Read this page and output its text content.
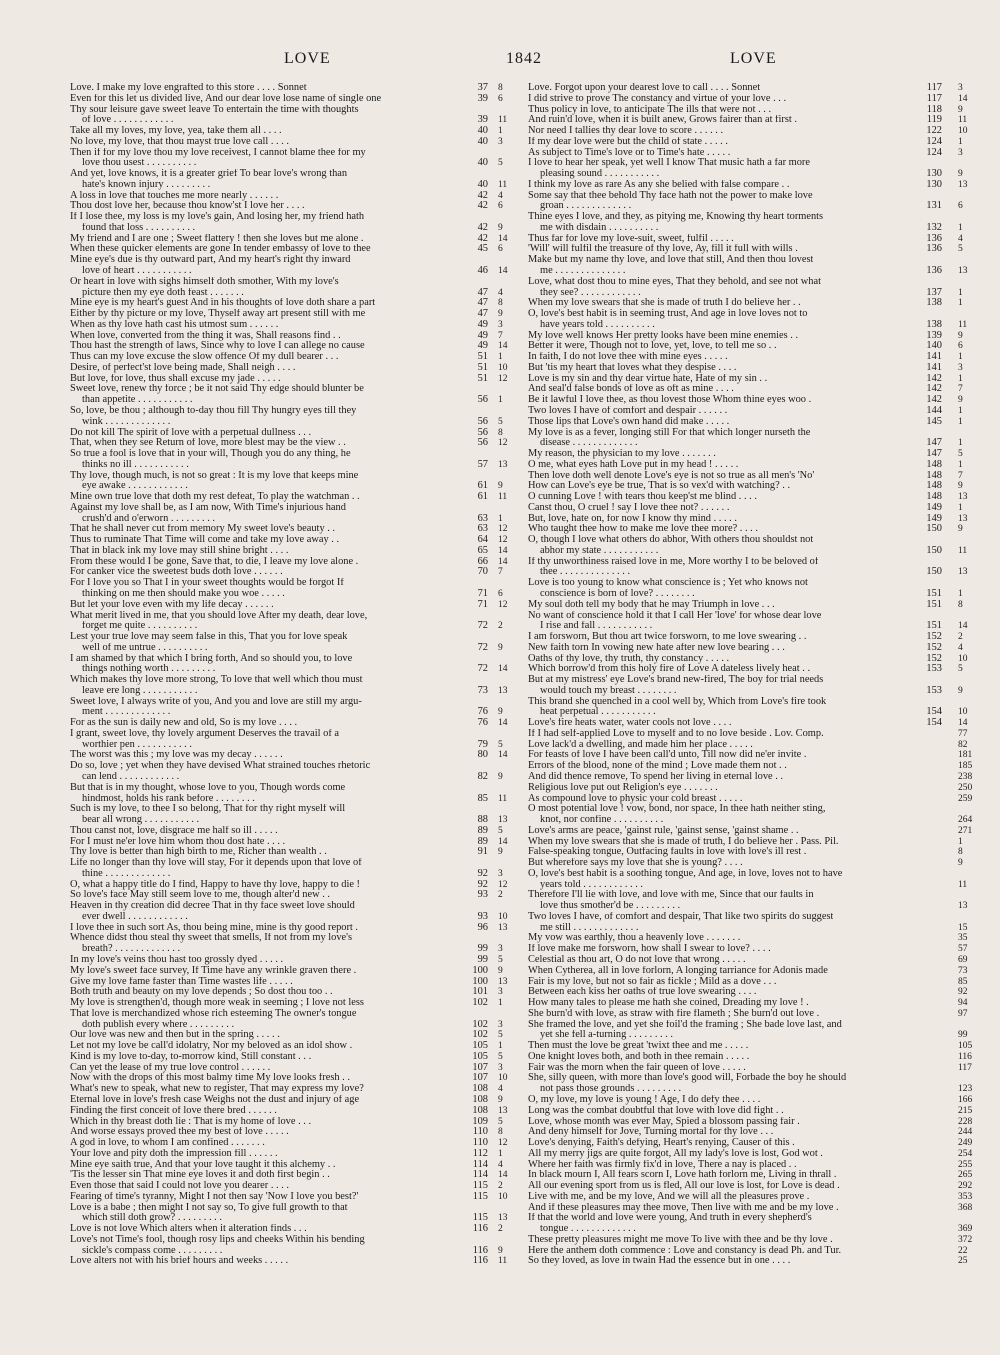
LOVE	1842	LOVE
Love. I make my love engrafted to this store . . . . Sonnet	37 8
Even for this let us divided live, And our dear love lose name of single one	39 6
Thy sour leisure gave sweet leave To entertain the time with thoughts
of love . . . . . . . . . . . .	39 11
Take all my loves, my love, yea, take them all . . . .	40 1
No love, my love, that thou mayst true love call . . . .	40 3
Then if for my love thou my love receivest, I cannot blame thee for my
love thou usest . . . . . . . . . .	40 5
And yet, love knows, it is a greater grief To bear love's wrong than
hate's known injury . . . . . . . . .	40 11
A loss in love that touches me more nearly . . . . . .	42 4
Thou dost love her, because thou know'st I love her . . . .	42 6
If I lose thee, my loss is my love's gain, And losing her, my friend hath
found that loss . . . . . . . . . .	42 9
My friend and I are one ; Sweet flattery ! then she loves but me alone .	42 14
When these quicker elements are gone In tender embassy of love to thee	45 6
Mine eye's due is thy outward part, And my heart's right thy inward
love of heart . . . . . . . . . . .	46 14
Or heart in love with sighs himself doth smother, With my love's
picture then my eye doth feast . . . . . . .	47 4
Mine eye is my heart's guest And in his thoughts of love doth share a part	47 8
Either by thy picture or my love, Thyself away art present still with me	47 9
When as thy love hath cast his utmost sum . . . . . .	49 3
When love, converted from the thing it was, Shall reasons find . .	49 7
Thou hast the strength of laws, Since why to love I can allege no cause	49 14
Thus can my love excuse the slow offence Of my dull bearer . . .	51 1
Desire, of perfect'st love being made, Shall neigh . . . .	51 10
But love, for love, thus shall excuse my jade . . . . .	51 12
Sweet love, renew thy force ; be it not said Thy edge should blunter be
than appetite . . . . . . . . . . .	56 1
So, love, be thou ; although to-day thou fill Thy hungry eyes till they
wink . . . . . . . . . . . . .	56 5
Do not kill The spirit of love with a perpetual dullness . . .	56 8
That, when they see Return of love, more blest may be the view . .	56 12
So true a fool is love that in your will, Though you do any thing, he
thinks no ill . . . . . . . . . . .	57 13
Thy love, though much, is not so great : It is my love that keeps mine
eye awake . . . . . . . . . . . .	61 9
Mine own true love that doth my rest defeat, To play the watchman . .	61 11
Against my love shall be, as I am now, With Time's injurious hand
crush'd and o'erworn . . . . . . . . .	63 1
That he shall never cut from memory My sweet love's beauty . .	63 12
Thus to ruminate That Time will come and take my love away . .	64 12
That in black ink my love may still shine bright . . . .	65 14
From these would I be gone, Save that, to die, I leave my love alone .	66 14
For canker vice the sweetest buds doth love . . . . . .	70 7
For I love you so That I in your sweet thoughts would be forgot If
thinking on me then should make you woe . . . . .	71 6
But let your love even with my life decay . . . . . .	71 12
What merit lived in me, that you should love After my death, dear love,
forget me quite . . . . . . . . . .	72 2
Lest your true love may seem false in this, That you for love speak
well of me untrue . . . . . . . . . .	72 9
I am shamed by that which I bring forth, And so should you, to love
things nothing worth . . . . . . . . .	72 14
Which makes thy love more strong, To love that well which thou must
leave ere long . . . . . . . . . . .	73 13
Sweet love, I always write of you, And you and love are still my argu-
ment . . . . . . . . . . . . .	76 9
For as the sun is daily new and old, So is my love . . . .	76 14
I grant, sweet love, thy lovely argument Deserves the travail of a
worthier pen . . . . . . . . . . .	79 5
The worst was this ; my love was my decay . . . . . .	80 14
Do so, love ; yet when they have devised What strained touches rhetoric
can lend . . . . . . . . . . . .	82 9
But that is in my thought, whose love to you, Though words come
hindmost, holds his rank before . . . . . . . .	85 11
Such is my love, to thee I so belong, That for thy right myself will
bear all wrong . . . . . . . . . . .	88 13
Thou canst not, love, disgrace me half so ill . . . . .	89 5
For I must ne'er love him whom thou dost hate . . . .	89 14
Thy love is better than high birth to me, Richer than wealth . .	91 9
Life no longer than thy love will stay, For it depends upon that love of
thine . . . . . . . . . . . . .	92 3
O, what a happy title do I find, Happy to have thy love, happy to die !	92 12
So love's face May still seem love to me, though alter'd new . .	93 2
Heaven in thy creation did decree That in thy face sweet love should
ever dwell . . . . . . . . . . . .	93 10
I love thee in such sort As, thou being mine, mine is thy good report .	96 13
Whence didst thou steal thy sweet that smells, If not from my love's
breath? . . . . . . . . . . . . .	99 3
In my love's veins thou hast too grossly dyed . . . . .	99 5
My love's sweet face survey, If Time have any wrinkle graven there .	100 9
Give my love fame faster than Time wastes life . . . . .	100 13
Both truth and beauty on my love depends ; So dost thou too . .	101 3
My love is strengthen'd, though more weak in seeming ; I love not less	102 1
That love is merchandized whose rich esteeming The owner's tongue
doth publish every where . . . . . . . . .	102 3
Our love was new and then but in the spring . . . . .	102 5
Let not my love be call'd idolatry, Nor my beloved as an idol show .	105 1
Kind is my love to-day, to-morrow kind, Still constant . . .	105 5
Can yet the lease of my true love control . . . . . .	107 3
Now with the drops of this most balmy time My love looks fresh . .	107 10
What's new to speak, what new to register, That may express my love?	108 4
Eternal love in love's fresh case Weighs not the dust and injury of age	108 9
Finding the first conceit of love there bred . . . . . .	108 13
Which in thy breast doth lie : That is my home of love . . .	109 5
And worse essays proved thee my best of love . . . . .	110 8
A god in love, to whom I am confined . . . . . . .	110 12
Your love and pity doth the impression fill . . . . . .	112 1
Mine eye saith true, And that your love taught it this alchemy . .	114 4
'Tis the lesser sin That mine eye loves it and doth first begin . .	114 14
Even those that said I could not love you dearer . . . .	115 2
Fearing of time's tyranny, Might I not then say 'Now I love you best?'	115 10
Love is a babe ; then might I not say so, To give full growth to that
which still doth grow? . . . . . . . . .	115 13
Love is not love Which alters when it alteration finds . . .	116 2
Love's not Time's fool, though rosy lips and cheeks Within his bending
sickle's compass come . . . . . . . . .	116 9
Love alters not with his brief hours and weeks . . . . .	116 11
Love. Forgot upon your dearest love to call . . . . Sonnet	117 3
I did strive to prove The constancy and virtue of your love . . .	117 14
Thus policy in love, to anticipate The ills that were not . . .	118 9
And ruin'd love, when it is built anew, Grows fairer than at first .	119 11
Nor need I tallies thy dear love to score . . . . . .	122 10
If my dear love were but the child of state . . . . .	124 1
As subject to Time's love or to Time's hate . . . . .	124 3
I love to hear her speak, yet well I know That music hath a far more
pleasing sound . . . . . . . . . . .	130 9
I think my love as rare As any she belied with false compare . .	130 13
Some say that thee behold Thy face hath not the power to make love
groan . . . . . . . . . . . . .	131 6
Thine eyes I love, and they, as pitying me, Knowing thy heart torments
me with disdain . . . . . . . . . .	132 1
Thus far for love my love-suit, sweet, fulfil . . . . .	136 4
'Will' will fulfil the treasure of thy love, Ay, fill it full with wills .	136 5
Make but my name thy love, and love that still, And then thou lovest
me . . . . . . . . . . . . . .	136 13
Love, what dost thou to mine eyes, That they behold, and see not what
they see? . . . . . . . . . . . .	137 1
When my love swears that she is made of truth I do believe her . .	138 1
O, love's best habit is in seeming trust, And age in love loves not to
have years told . . . . . . . . . .	138 11
My love well knows Her pretty looks have been mine enemies . .	139 9
Better it were, Though not to love, yet, love, to tell me so . .	140 6
In faith, I do not love thee with mine eyes . . . . .	141 1
But 'tis my heart that loves what they despise . . . .	141 3
Love is my sin and thy dear virtue hate, Hate of my sin . .	142 1
And seal'd false bonds of love as oft as mine . . . .	142 7
Be it lawful I love thee, as thou lovest those Whom thine eyes woo .	142 9
Two loves I have of comfort and despair . . . . . .	144 1
Those lips that Love's own hand did make . . . . .	145 1
My love is as a fever, longing still For that which longer nurseth the
disease . . . . . . . . . . . . .	147 1
My reason, the physician to my love . . . . . . .	147 5
O me, what eyes hath Love put in my head ! . . . . .	148 1
Then love doth well denote Love's eye is not so true as all men's 'No'	148 7
How can Love's eye be true, That is so vex'd with watching? . .	148 9
O cunning Love ! with tears thou keep'st me blind . . . .	148 13
Canst thou, O cruel ! say I love thee not? . . . . . .	149 1
But, love, hate on, for now I know thy mind . . . . .	149 13
Who taught thee how to make me love thee more? . . . .	150 9
O, though I love what others do abhor, With others thou shouldst not
abhor my state . . . . . . . . . . .	150 11
If thy unworthiness raised love in me, More worthy I to be beloved of
thee . . . . . . . . . . . . . .	150 13
Love is too young to know what conscience is ; Yet who knows not
conscience is born of love? . . . . . . . .	151 1
My soul doth tell my body that he may Triumph in love . . .	151 8
No want of conscience hold it that I call Her 'love' for whose dear love
I rise and fall . . . . . . . . . . .	151 14
I am forsworn, But thou art twice forsworn, to me love swearing . .	152 2
New faith torn In vowing new hate after new love bearing . . .	152 4
Oaths of thy love, thy truth, thy constancy . . . . .	152 10
Which borrow'd from this holy fire of Love A dateless lively heat . .	153 5
But at my mistress' eye Love's brand new-fired, The boy for trial needs
would touch my breast . . . . . . . .	153 9
This brand she quenched in a cool well by, Which from Love's fire took
heat perpetual . . . . . . . . . . .	154 10
Love's fire heats water, water cools not love . . . .	154 14
If I had self-applied Love to myself and to no love beside . Lov. Comp.	77
Love lack'd a dwelling, and made him her place . . . . .	82
For feasts of love I have been call'd unto, Till now did ne'er invite .	181
Errors of the blood, none of the mind ; Love made them not . .	185
And did thence remove, To spend her living in eternal love . .	238
Religious love put out Religion's eye . . . . . . .	250
As compound love to physic your cold breast . . . . .	259
O most potential love ! vow, bond, nor space, In thee hath neither sting,
knot, nor confine . . . . . . . . . .	264
Love's arms are peace, 'gainst rule, 'gainst sense, 'gainst shame . .	271
When my love swears that she is made of truth, I do believe her . Pass. Pil.	1
False-speaking tongue, Outfacing faults in love with love's ill rest .	8
But wherefore says my love that she is young? . . . .	9
O, love's best habit is a soothing tongue, And age, in love, loves not to have
years told . . . . . . . . . . . .	11
Therefore I'll lie with love, and love with me, Since that our faults in
love thus smother'd be . . . . . . . . .	13
Two loves I have, of comfort and despair, That like two spirits do suggest
me still . . . . . . . . . . . . .	15
My vow was earthly, thou a heavenly love . . . . . . .	35
If love make me forsworn, how shall I swear to love? . . . .	57
Celestial as thou art, O do not love that wrong . . . . .	69
When Cytherea, all in love forlorn, A longing tarriance for Adonis made	73
Fair is my love, but not so fair as fickle ; Mild as a dove . . .	85
Between each kiss her oaths of true love swearing . . . .	92
How many tales to please me hath she coined, Dreading my love ! .	94
She burn'd with love, as straw with fire flameth ; She burn'd out love .	97
She framed the love, and yet she foil'd the framing ; She bade love last, and
yet she fell a-turning . . . . . . . . .	99
Then must the love be great 'twixt thee and me . . . . .	105
One knight loves both, and both in thee remain . . . . .	116
Fair was the morn when the fair queen of love . . . . .	117
She, silly queen, with more than love's good will, Forbade the boy he should
not pass those grounds . . . . . . . . .	123
O, my love, my love is young ! Age, I do defy thee . . . .	166
Long was the combat doubtful that love with love did fight . .	215
Love, whose month was ever May, Spied a blossom passing fair .	228
And deny himself for Jove, Turning mortal for thy love . . .	244
Love's denying, Faith's defying, Heart's renying, Causer of this .	249
All my merry jigs are quite forgot, All my lady's love is lost, God wot .	254
Where her faith was firmly fix'd in love, There a nay is placed . .	255
In black mourn I, All fears scorn I, Love hath forlorn me, Living in thrall .	265
All our evening sport from us is fled, All our love is lost, for Love is dead .	292
Live with me, and be my love, And we will all the pleasures prove .	353
And if these pleasures may thee move, Then live with me and be my love .	368
If that the world and love were young, And truth in every shepherd's
tongue . . . . . . . . . . . . .	369
These pretty pleasures might me move To live with thee and be thy love .	372
Here the anthem doth commence : Love and constancy is dead Ph. and Tur.	22
So they loved, as love in twain Had the essence but in one . . . .	25
